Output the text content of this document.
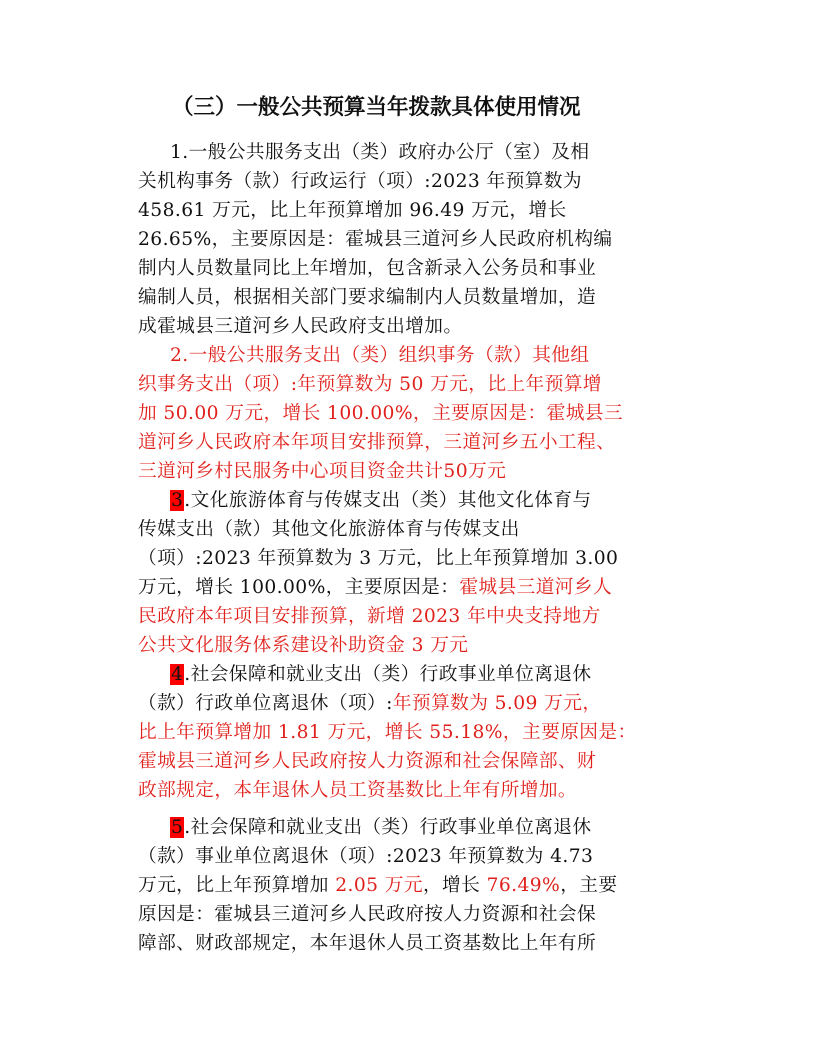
（三）一般公共预算当年拨款具体使用情况
1.一般公共服务支出（类）政府办公厅（室）及相
关机构事务（款）行政运行（项）:2023 年预算数为
458.61 万元，比上年预算增加 96.49 万元，增长
26.65%，主要原因是：霍城县三道河乡人民政府机构编
制内人员数量同比上年增加，包含新录入公务员和事业
编制人员，根据相关部门要求编制内人员数量增加，造
成霍城县三道河乡人民政府支出增加。
2.一般公共服务支出（类）组织事务（款）其他组
织事务支出（项）:年预算数为 50 万元，比上年预算增
加 50.00 万元，增长 100.00%，主要原因是：霍城县三
道河乡人民政府本年项目安排预算，三道河乡五小工程、
三道河乡村民服务中心项目资金共计50万元
3.文化旅游体育与传媒支出（类）其他文化体育与
传媒支出（款）其他文化旅游体育与传媒支出
（项）:2023 年预算数为 3 万元，比上年预算增加 3.00
万元，增长 100.00%，主要原因是：霍城县三道河乡人
民政府本年项目安排预算，新增 2023 年中央支持地方
公共文化服务体系建设补助资金 3 万元
4.社会保障和就业支出（类）行政事业单位离退休
（款）行政单位离退休（项）:年预算数为 5.09 万元，
比上年预算增加 1.81 万元，增长 55.18%，主要原因是：
霍城县三道河乡人民政府按人力资源和社会保障部、财
政部规定，本年退休人员工资基数比上年有所增加。
5.社会保障和就业支出（类）行政事业单位离退休
（款）事业单位离退休（项）:2023 年预算数为 4.73
万元，比上年预算增加 2.05 万元，增长 76.49%，主要
原因是：霍城县三道河乡人民政府按人力资源和社会保
障部、财政部规定，本年退休人员工资基数比上年有所
